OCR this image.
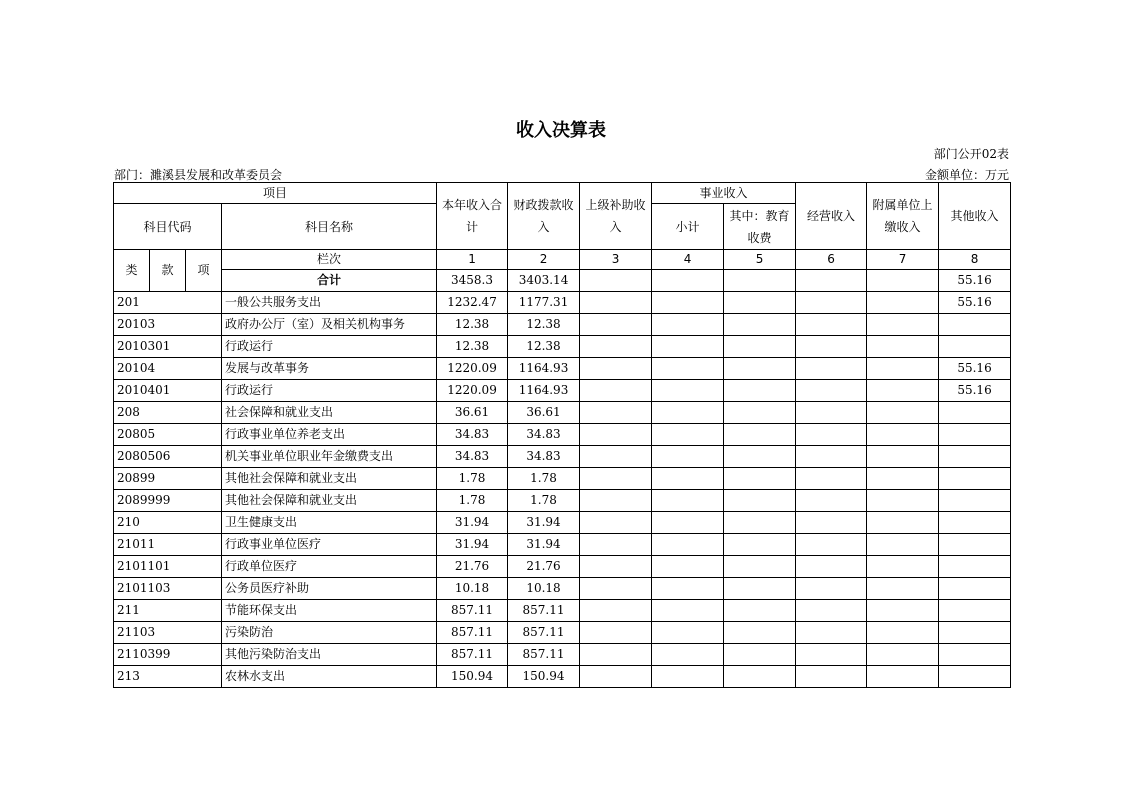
收入决算表
部门公开02表
部门：濉溪县发展和改革委员会	金额单位：万元
项目				本年收入合计	财政拨款收入	上级补助收入	事业收入		经营收入	附属单位上缴收入	其他收入
科目代码			科目名称				小计	其中：教育收费			
类	款	项	栏次	1	2	3	4	5	6	7	8
			合计	3458.3	3403.14						55.16
201			一般公共服务支出	1232.47	1177.31						55.16
20103			政府办公厅（室）及相关机构事务	12.38	12.38						
2010301			行政运行	12.38	12.38						
20104			发展与改革事务	1220.09	1164.93						55.16
2010401			行政运行	1220.09	1164.93						55.16
208			社会保障和就业支出	36.61	36.61						
20805			行政事业单位养老支出	34.83	34.83						
2080506			机关事业单位职业年金缴费支出	34.83	34.83						
20899			其他社会保障和就业支出	1.78	1.78						
2089999			其他社会保障和就业支出	1.78	1.78						
210			卫生健康支出	31.94	31.94						
21011			行政事业单位医疗	31.94	31.94						
2101101			行政单位医疗	21.76	21.76						
2101103			公务员医疗补助	10.18	10.18						
211			节能环保支出	857.11	857.11						
21103			污染防治	857.11	857.11						
2110399			其他污染防治支出	857.11	857.11						
213			农林水支出	150.94	150.94						
